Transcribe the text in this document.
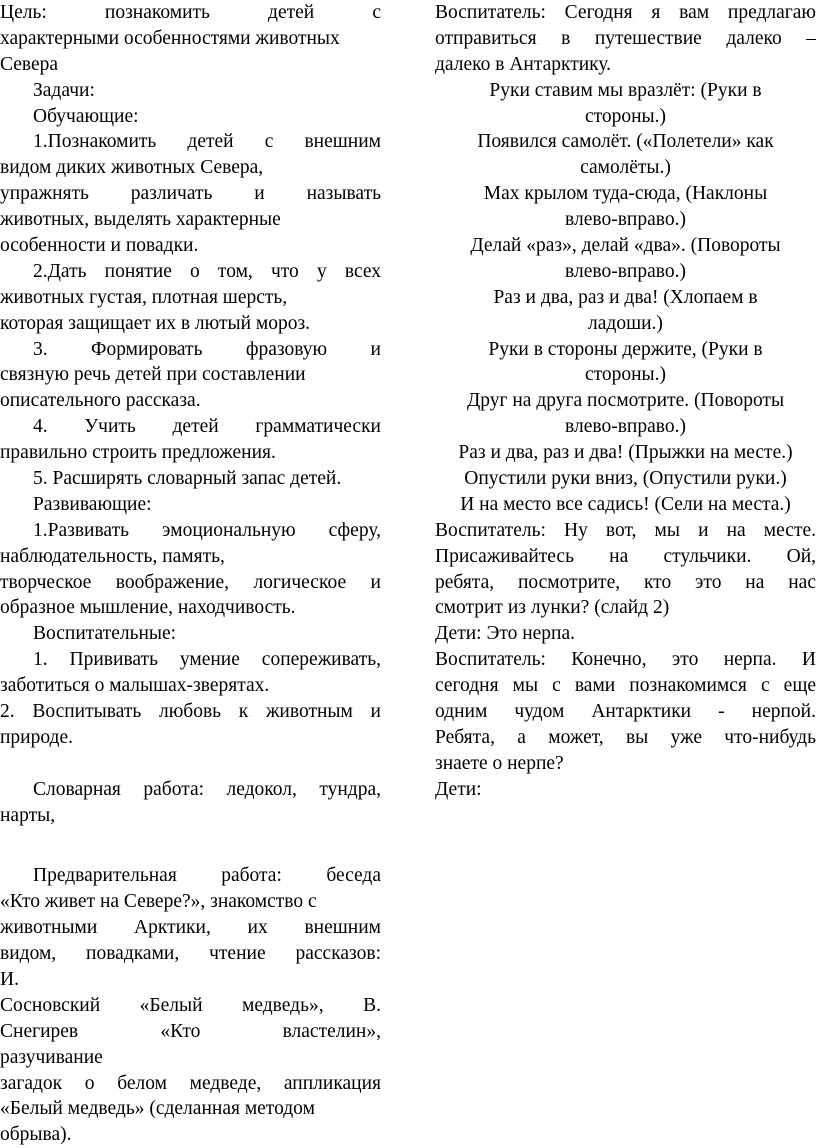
Цель: познакомить детей с
характерными особенностями животных
Севера
Задачи:
Обучающие:
1.Познакомить детей с внешним
видом диких животных Севера,
упражнять различать и называть
животных, выделять характерные
особенности и повадки.
2.Дать понятие о том, что у всех
животных густая, плотная шерсть,
которая защищает их в лютый мороз.
3. Формировать фразовую и
связную речь детей при составлении
описательного рассказа.
4. Учить детей грамматически
правильно строить предложения.
5. Расширять словарный запас детей.
Развивающие:
1.Развивать эмоциональную сферу,
наблюдательность, память,
творческое воображение, логическое и
образное мышление, находчивость.
Воспитательные:
1. Прививать умение сопереживать,
заботиться о малышах-зверятах.
2. Воспитывать любовь к животным и
природе.
Словарная работа: ледокол, тундра,
нарты,
Предварительная работа: беседа
«Кто живет на Севере?», знакомство с
животными Арктики, их внешним
видом, повадками, чтение рассказов:
И.
Сосновский «Белый медведь», В.
Снегирев «Кто властелин»,
разучивание
загадок о белом медведе, аппликация
«Белый медведь» (сделанная методом
обрыва).
Воспитатель: Сегодня я вам предлагаю
отправиться в путешествие далеко –
далеко в Антарктику.
Руки ставим мы вразлёт: (Руки в
стороны.)
Появился самолёт. («Полетели» как
самолёты.)
Мах крылом туда-сюда, (Наклоны
влево-вправо.)
Делай «раз», делай «два». (Повороты
влево-вправо.)
Раз и два, раз и два! (Хлопаем в
ладоши.)
Руки в стороны держите, (Руки в
стороны.)
Друг на друга посмотрите. (Повороты
влево-вправо.)
Раз и два, раз и два! (Прыжки на месте.)
Опустили руки вниз, (Опустили руки.)
И на место все садись! (Сели на места.)
Воспитатель: Ну вот, мы и на месте.
Присаживайтесь на стульчики. Ой,
ребята, посмотрите, кто это на нас
смотрит из лунки? (слайд 2)
Дети: Это нерпа.
Воспитатель: Конечно, это нерпа. И
сегодня мы с вами познакомимся с еще
одним чудом Антарктики - нерпой.
Ребята, а может, вы уже что-нибудь
знаете о нерпе?
Дети:
